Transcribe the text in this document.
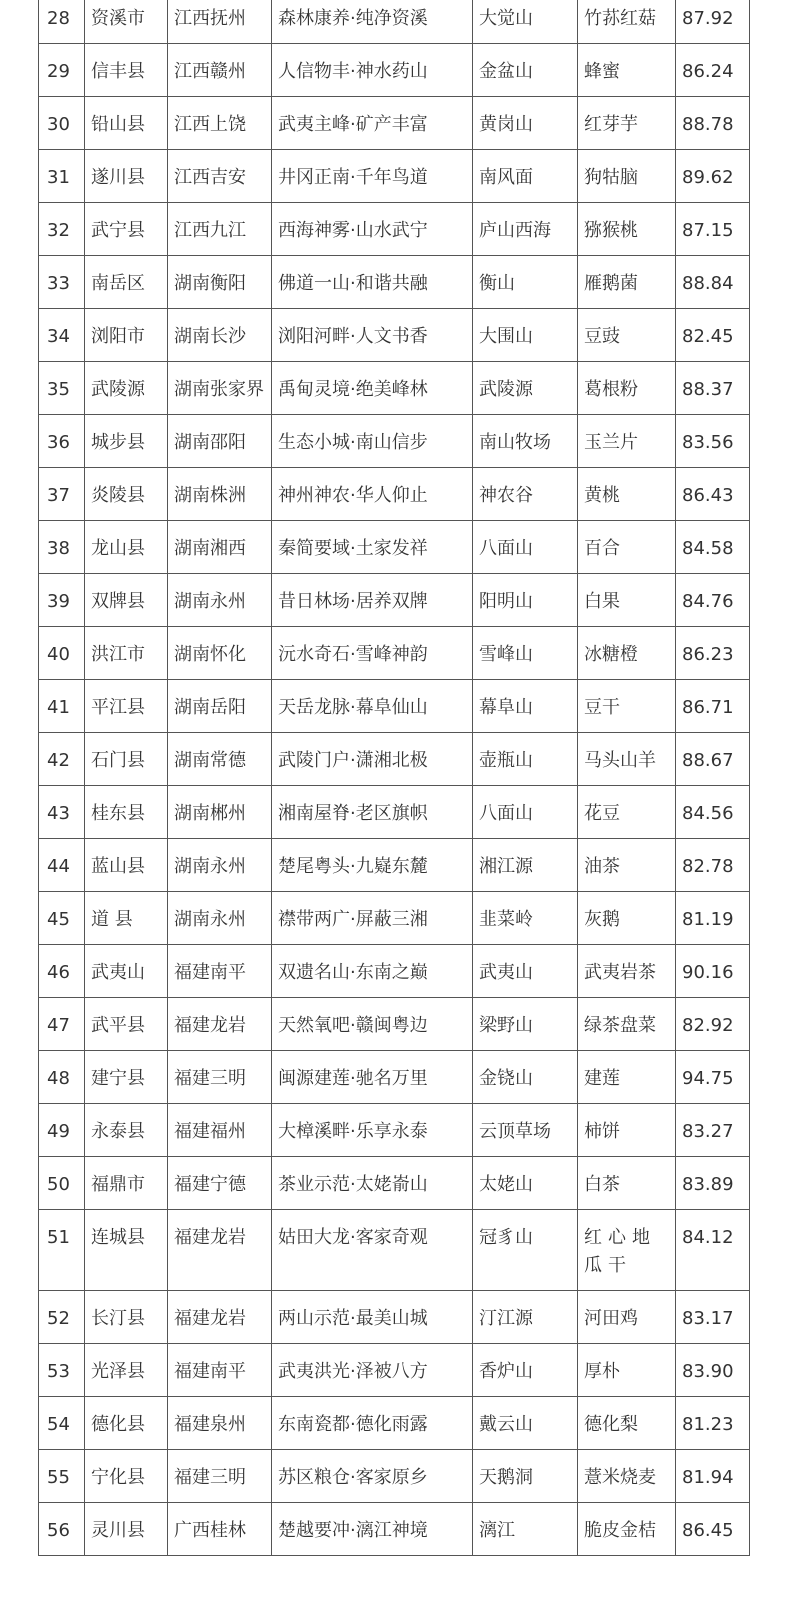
28	资溪市	江西抚州	森林康养·纯净资溪	大觉山	竹荪红菇	87.92

29	信丰县	江西赣州	人信物丰·神水药山	金盆山	蜂蜜	86.24

30	铅山县	江西上饶	武夷主峰·矿产丰富	黄岗山	红芽芋	88.78

31	遂川县	江西吉安	井冈正南·千年鸟道	南风面	狗牯脑	89.62

32	武宁县	江西九江	西海神雾·山水武宁	庐山西海	猕猴桃	87.15

33	南岳区	湖南衡阳	佛道一山·和谐共融	衡山	雁鹅菌	88.84

34	浏阳市	湖南长沙	浏阳河畔·人文书香	大围山	豆豉	82.45

35	武陵源	湖南张家界	禹甸灵境·绝美峰林	武陵源	葛根粉	88.37

36	城步县	湖南邵阳	生态小城·南山信步	南山牧场	玉兰片	83.56

37	炎陵县	湖南株洲	神州神农·华人仰止	神农谷	黄桃	86.43

38	龙山县	湖南湘西	秦简要域·土家发祥	八面山	百合	84.58

39	双牌县	湖南永州	昔日林场·居养双牌	阳明山	白果	84.76

40	洪江市	湖南怀化	沅水奇石·雪峰神韵	雪峰山	冰糖橙	86.23

41	平江县	湖南岳阳	天岳龙脉·幕阜仙山	幕阜山	豆干	86.71

42	石门县	湖南常德	武陵门户·潇湘北极	壶瓶山	马头山羊	88.67

43	桂东县	湖南郴州	湘南屋脊·老区旗帜	八面山	花豆	84.56

44	蓝山县	湖南永州	楚尾粤头·九嶷东麓	湘江源	油茶	82.78

45	道 县	湖南永州	襟带两广·屏蔽三湘	韭菜岭	灰鹅	81.19

46	武夷山	福建南平	双遗名山·东南之巅	武夷山	武夷岩茶	90.16

47	武平县	福建龙岩	天然氧吧·赣闽粤边	梁野山	绿茶盘菜	82.92

48	建宁县	福建三明	闽源建莲·驰名万里	金铙山	建莲	94.75

49	永泰县	福建福州	大樟溪畔·乐享永泰	云顶草场	柿饼	83.27

50	福鼎市	福建宁德	茶业示范·太姥嵛山	太姥山	白茶	83.89

51	连城县	福建龙岩	姑田大龙·客家奇观	冠豸山	红心地瓜干	84.12

52	长汀县	福建龙岩	两山示范·最美山城	汀江源	河田鸡	83.17

53	光泽县	福建南平	武夷洪光·泽被八方	香炉山	厚朴	83.90

54	德化县	福建泉州	东南瓷都·德化雨露	戴云山	德化梨	81.23

55	宁化县	福建三明	苏区粮仓·客家原乡	天鹅洞	薏米烧麦	81.94

56	灵川县	广西桂林	楚越要冲·漓江神境	漓江	脆皮金桔	86.45
